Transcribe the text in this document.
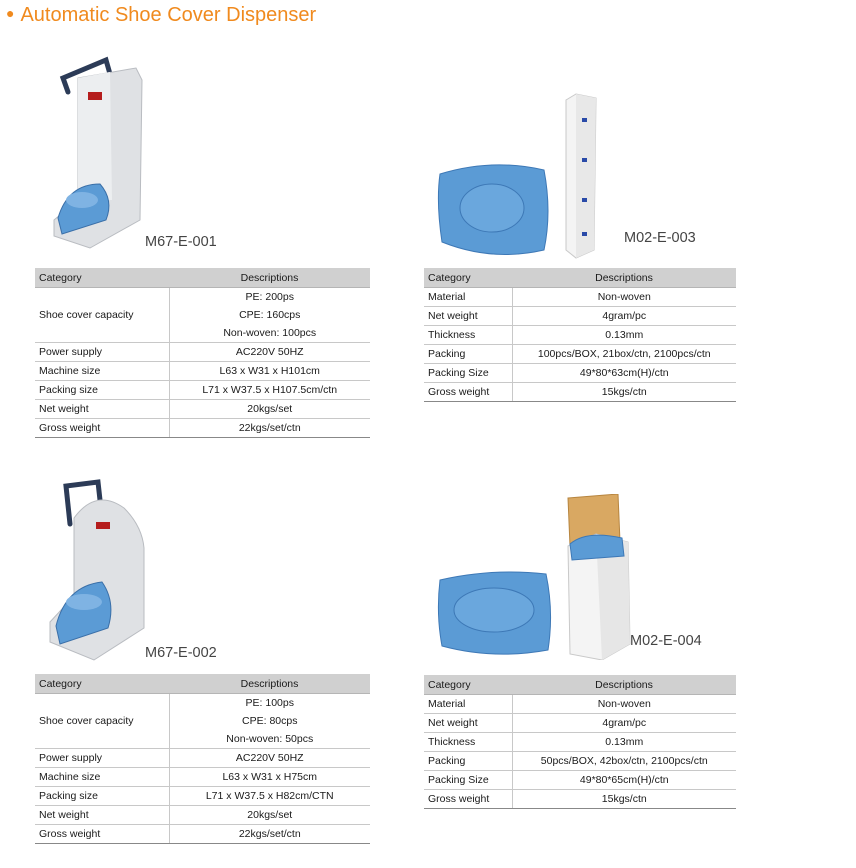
● Automatic Shoe Cover Dispenser
M67-E-001	M02-E-003
Category	Descriptions
Shoe cover capacity	PE: 200ps
	CPE: 160cps
	Non-woven: 100pcs
Power supply	AC220V 50HZ
Machine size	L63 x W31 x H101cm
Packing size	L71 x W37.5 x H107.5cm/ctn
Net weight	20kgs/set
Gross weight	22kgs/set/ctn
Category	Descriptions
Material	Non-woven
Net weight	4gram/pc
Thickness	0.13mm
Packing	100pcs/BOX, 21box/ctn, 2100pcs/ctn
Packing Size	49*80*63cm(H)/ctn
Gross weight	15kgs/ctn
M67-E-002
M02-E-004
Category	Descriptions
Shoe cover capacity	PE: 100ps
	CPE: 80cps
	Non-woven: 50pcs
Power supply	AC220V 50HZ
Machine size	L63 x W31 x H75cm
Packing size	L71 x W37.5 x H82cm/CTN
Net weight	20kgs/set
Gross weight	22kgs/set/ctn
Category	Descriptions
Material	Non-woven
Net weight	4gram/pc
Thickness	0.13mm
Packing	50pcs/BOX, 42box/ctn, 2100pcs/ctn
Packing Size	49*80*65cm(H)/ctn
Gross weight	15kgs/ctn
